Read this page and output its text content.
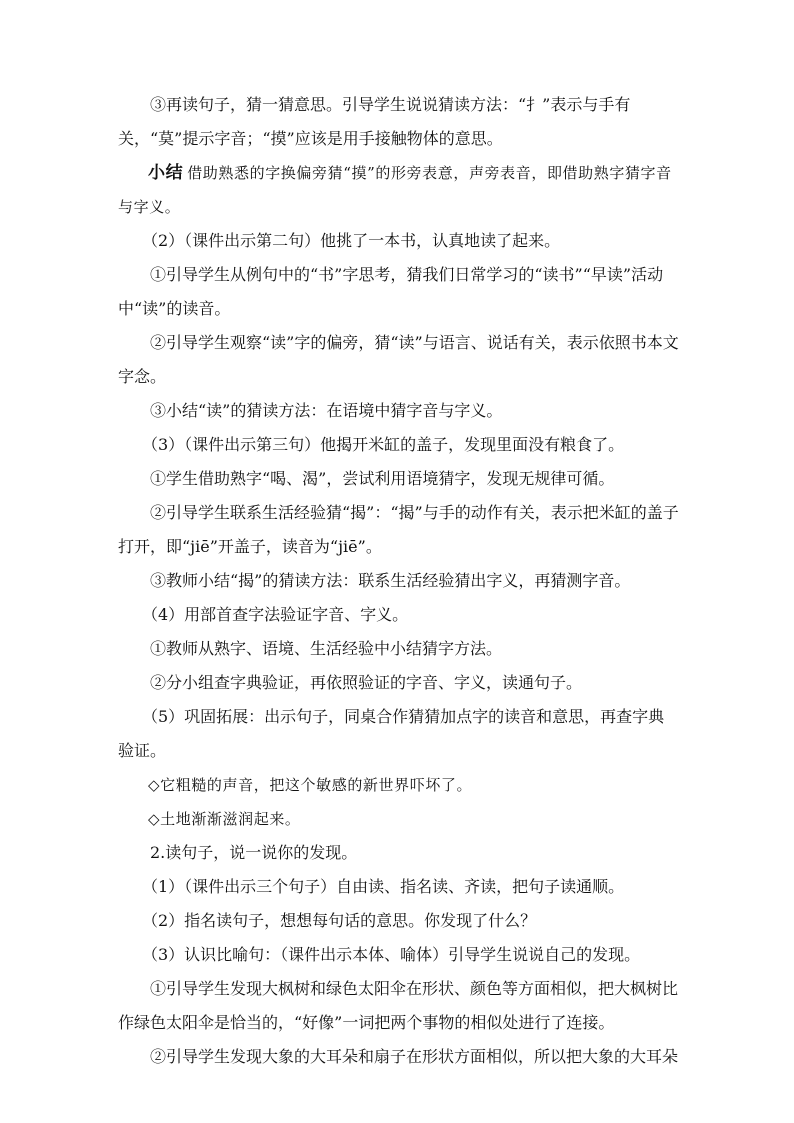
③再读句子，猜一猜意思。引导学生说说猜读方法：“扌”表示与手有关，“莫”提示字音；“摸”应该是用手接触物体的意思。

小结 借助熟悉的字换偏旁猜“摸”的形旁表意，声旁表音，即借助熟字猜字音与字义。

（2）（课件出示第二句）他挑了一本书，认真地读了起来。

①引导学生从例句中的“书”字思考，猜我们日常学习的“读书”“早读”活动中“读”的读音。

②引导学生观察“读”字的偏旁，猜“读”与语言、说话有关，表示依照书本文字念。

③小结“读”的猜读方法：在语境中猜字音与字义。

（3）（课件出示第三句）他揭开米缸的盖子，发现里面没有粮食了。

①学生借助熟字“喝、渴”，尝试利用语境猜字，发现无规律可循。

②引导学生联系生活经验猜“揭”：“揭”与手的动作有关，表示把米缸的盖子打开，即“jiē”开盖子，读音为“jiē”。

③教师小结“揭”的猜读方法：联系生活经验猜出字义，再猜测字音。

（4）用部首查字法验证字音、字义。

①教师从熟字、语境、生活经验中小结猜字方法。

②分小组查字典验证，再依照验证的字音、字义，读通句子。

（5）巩固拓展：出示句子，同桌合作猜猜加点字的读音和意思，再查字典验证。

◇它粗糙的声音，把这个敏感的新世界吓坏了。

◇土地渐渐滋润起来。

2.读句子，说一说你的发现。

（1）（课件出示三个句子）自由读、指名读、齐读，把句子读通顺。

（2）指名读句子，想想每句话的意思。你发现了什么？

（3）认识比喻句：（课件出示本体、喻体）引导学生说说自己的发现。

①引导学生发现大枫树和绿色太阳伞在形状、颜色等方面相似，把大枫树比作绿色太阳伞是恰当的，“好像”一词把两个事物的相似处进行了连接。

②引导学生发现大象的大耳朵和扇子在形状方面相似，所以把大象的大耳朵
